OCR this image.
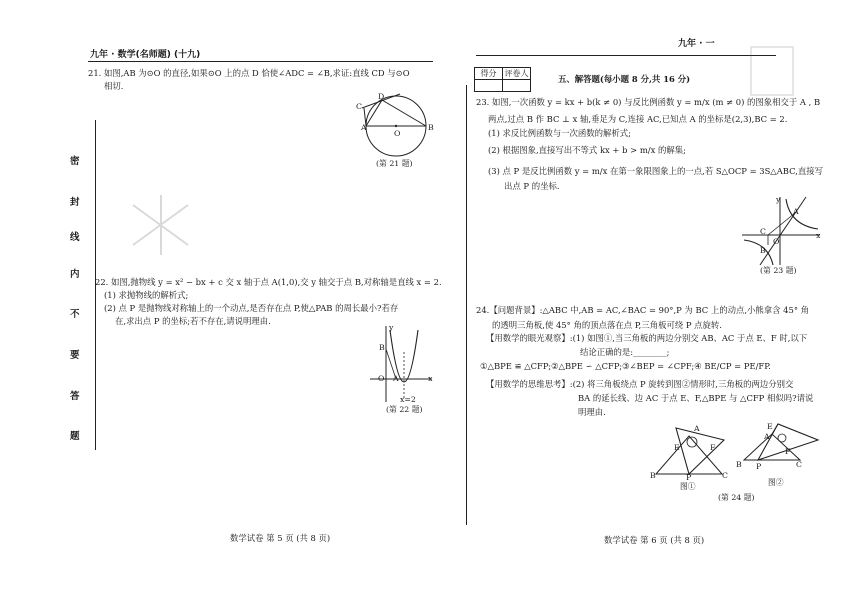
九年 · 数学(名师题) (十九)
密
封
线
内
不
要
答
题
21. 如图,AB 为⊙O 的直径,如果⊙O 上的点 D 恰使∠ADC = ∠B,求证:直线 CD 与⊙O
相切.
C
D
A
O
B
(第 21 题)
22. 如图,抛物线 y = x² − bx + c 交 x 轴于点 A(1,0),交 y 轴交于点 B,对称轴是直线 x = 2.
(1) 求抛物线的解析式;
(2) 点 P 是抛物线对称轴上的一个动点,是否存在点 P,使△PAB 的周长最小?若存
在,求出点 P 的坐标;若不存在,请说明理由.
y
B
O A	x
x=2
(第 22 题)
数学试卷 第 5 页 (共 8 页)
九年 · 一
得分	评卷人

五、解答题(每小题 8 分,共 16 分)
23. 如图,一次函数 y = kx + b(k ≠ 0) 与反比例函数 y = m/x (m ≠ 0) 的图象相交于 A , B
两点,过点 B 作 BC ⊥ x 轴,垂足为 C,连接 AC,已知点 A 的坐标是(2,3),BC = 2.
(1) 求反比例函数与一次函数的解析式;
(2) 根据图象,直接写出不等式 kx + b > m/x 的解集;
(3) 点 P 是反比例函数 y = m/x 在第一象限图象上的一点,若 S△OCP = 3S△ABC,直接写
出点 P 的坐标.
y
A
C
O
x
B
(第 23 题)
24.【问题背景】:△ABC 中,AB = AC,∠BAC = 90°,P 为 BC 上的动点,小熊拿含 45° 角
的透明三角板,使 45° 角的顶点落在点 P,三角板可绕 P 点旋转.
【用数学的眼光观察】:(1) 如图①,当三角板的两边分别交 AB、AC 于点 E、F 时,以下
结论正确的是:________;
①△BPE ≌ △CFP;②△BPE ∽ △CFP;③∠BEP = ∠CPF;④ BE/CP = PE/FP.
【用数学的思维思考】:(2) 将三角板绕点 P 旋转到图②情形时,三角板的两边分别交
BA 的延长线、边 AC 于点 E、F,△BPE 与 △CFP 相似吗?请说
明理由.
A
E	F
B	P	C
图①
E
A
F
B P	C
图②
(第 24 题)
数学试卷 第 6 页 (共 8 页)
